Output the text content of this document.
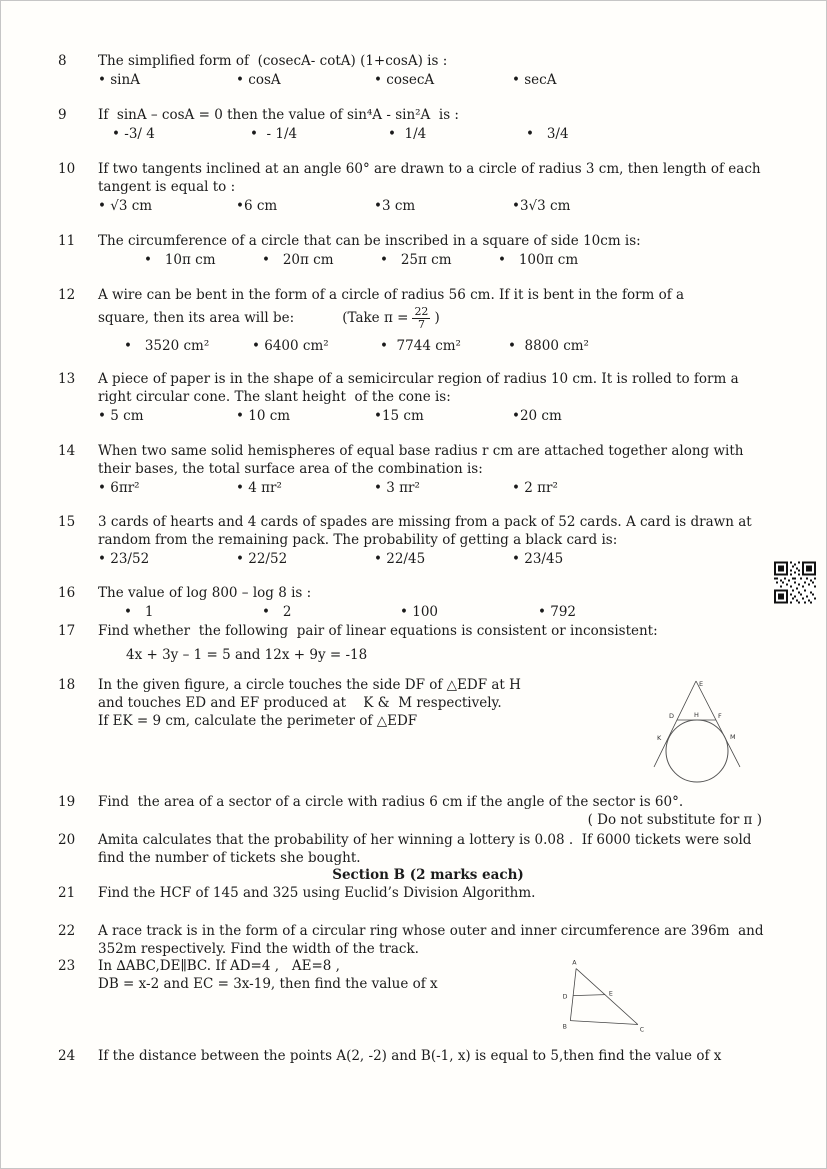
8	The simplified form of  (cosecA- cotA) (1+cosA) is :
• sinA	• cosA	• cosecA	• secA
9	If  sinA – cosA = 0 then the value of sin⁴A - sin²A  is :
• -3/ 4	•  - 1/4	•  1/4	•   3/4
10	If two tangents inclined at an angle 60° are drawn to a circle of radius 3 cm, then length of each tangent is equal to :
• √3 cm	•6 cm	•3 cm	•3√3 cm
11	The circumference of a circle that can be inscribed in a square of side 10cm is:
•   10π cm	•   20π cm	•   25π cm	•   100π cm
12	A wire can be bent in the form of a circle of radius 56 cm. If it is bent in the form of a
square, then its area will be:	(Take $\pi = \frac{22}{7}$ )
•   3520 cm²	• 6400 cm²	•  7744 cm²	•  8800 cm²
13	A piece of paper is in the shape of a semicircular region of radius 10 cm. It is rolled to form a right circular cone. The slant height  of the cone is:
• 5 cm	• 10 cm	•15 cm	•20 cm
14	When two same solid hemispheres of equal base radius r cm are attached together along with their bases, the total surface area of the combination is:
• 6πr²	• 4 πr²	• 3 πr²	• 2 πr²
15	3 cards of hearts and 4 cards of spades are missing from a pack of 52 cards. A card is drawn at random from the remaining pack. The probability of getting a black card is:
• 23/52	• 22/52	• 22/45	• 23/45
16	The value of log 800 – log 8 is :
•   1	•   2	• 100	• 792
17	Find whether  the following  pair of linear equations is consistent or inconsistent:
4x + 3y – 1 = 5 and 12x + 9y = -18
18	In the given figure, a circle touches the side DF of △EDF at H
and touches ED and EF produced at    K &  M respectively.
If EK = 9 cm, calculate the perimeter of △EDF
E
D	H	F
K	M
19	Find  the area of a sector of a circle with radius 6 cm if the angle of the sector is 60°.
( Do not substitute for π )
20	Amita calculates that the probability of her winning a lottery is 0.08 .  If 6000 tickets were sold find the number of tickets she bought.
Section B (2 marks each)
21	Find the HCF of 145 and 325 using Euclid’s Division Algorithm.
22	A race track is in the form of a circular ring whose outer and inner circumference are 396m  and 352m respectively. Find the width of the track.
23	In ∆ABC,DE∥BC. If AD=4 ,   AE=8 ,
DB = x-2 and EC = 3x-19, then find the value of x
A
D	E
B	C
24	If the distance between the points A(2, -2) and B(-1, x) is equal to 5,then find the value of x
